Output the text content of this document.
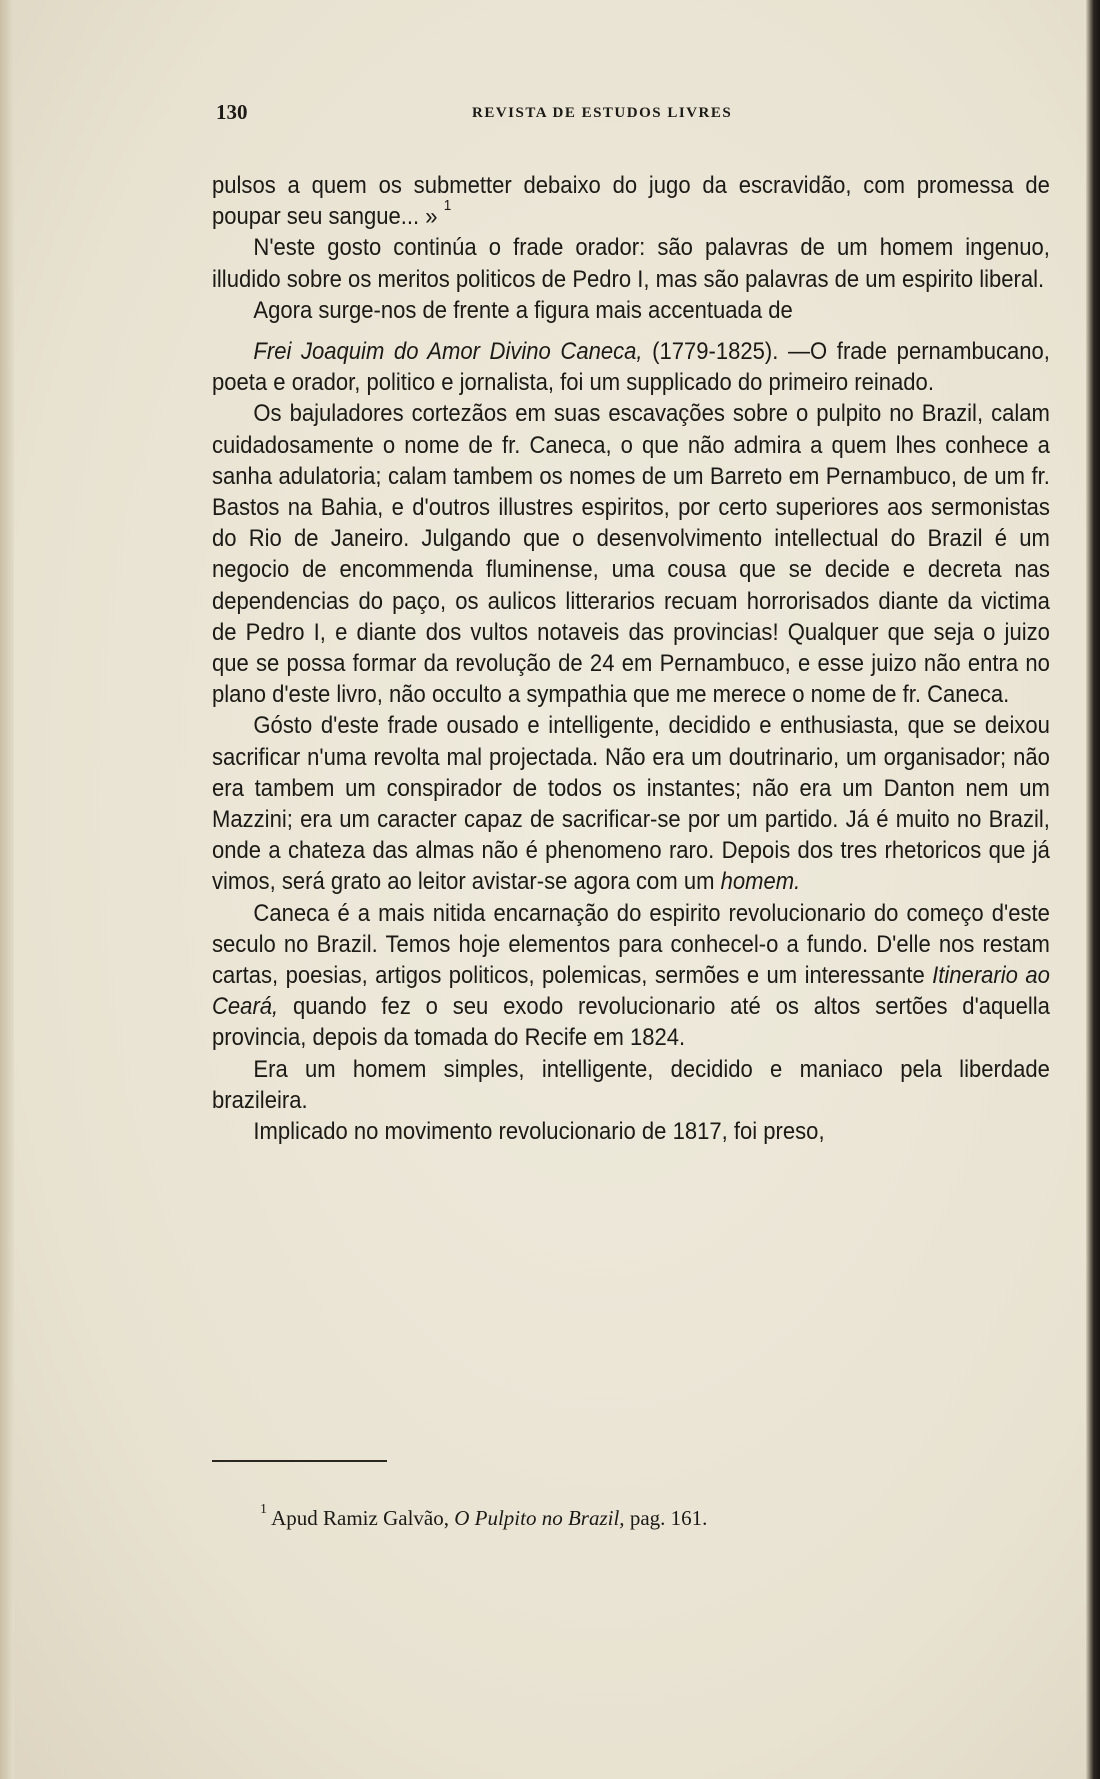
130	REVISTA DE ESTUDOS LIVRES

pulsos a quem os submetter debaixo do jugo da escravidão, com promessa de poupar seu sangue... » $^1$

N'este gosto continúa o frade orador: são palavras de um homem ingenuo, illudido sobre os meritos politicos de Pedro I, mas são palavras de um espirito liberal.

Agora surge-nos de frente a figura mais accentuada de

Frei Joaquim do Amor Divino Caneca, (1779-1825). —O frade pernambucano, poeta e orador, politico e jornalista, foi um supplicado do primeiro reinado.

Os bajuladores cortezãos em suas escavações sobre o pulpito no Brazil, calam cuidadosamente o nome de fr. Caneca, o que não admira a quem lhes conhece a sanha adulatoria; calam tambem os nomes de um Barreto em Pernambuco, de um fr. Bastos na Bahia, e d'outros illustres espiritos, por certo superiores aos sermonistas do Rio de Janeiro. Julgando que o desenvolvimento intellectual do Brazil é um negocio de encommenda fluminense, uma cousa que se decide e decreta nas dependencias do paço, os aulicos litterarios recuam horrorisados diante da victima de Pedro I, e diante dos vultos notaveis das provincias! Qualquer que seja o juizo que se possa formar da revolução de 24 em Pernambuco, e esse juizo não entra no plano d'este livro, não occulto a sympathia que me merece o nome de fr. Caneca.

Gósto d'este frade ousado e intelligente, decidido e enthusiasta, que se deixou sacrificar n'uma revolta mal projectada. Não era um doutrinario, um organisador; não era tambem um conspirador de todos os instantes; não era um Danton nem um Mazzini; era um caracter capaz de sacrificar-se por um partido. Já é muito no Brazil, onde a chateza das almas não é phenomeno raro. Depois dos tres rhetoricos que já vimos, será grato ao leitor avistar-se agora com um homem.

Caneca é a mais nitida encarnação do espirito revolucionario do começo d'este seculo no Brazil. Temos hoje elementos para conhecel-o a fundo. D'elle nos restam cartas, poesias, artigos politicos, polemicas, sermões e um interessante Itinerario ao Ceará, quando fez o seu exodo revolucionario até os altos sertões d'aquella provincia, depois da tomada do Recife em 1824.

Era um homem simples, intelligente, decidido e maniaco pela liberdade brazileira.

Implicado no movimento revolucionario de 1817, foi preso,

$^1$ Apud Ramiz Galvão, O Pulpito no Brazil, pag. 161.
